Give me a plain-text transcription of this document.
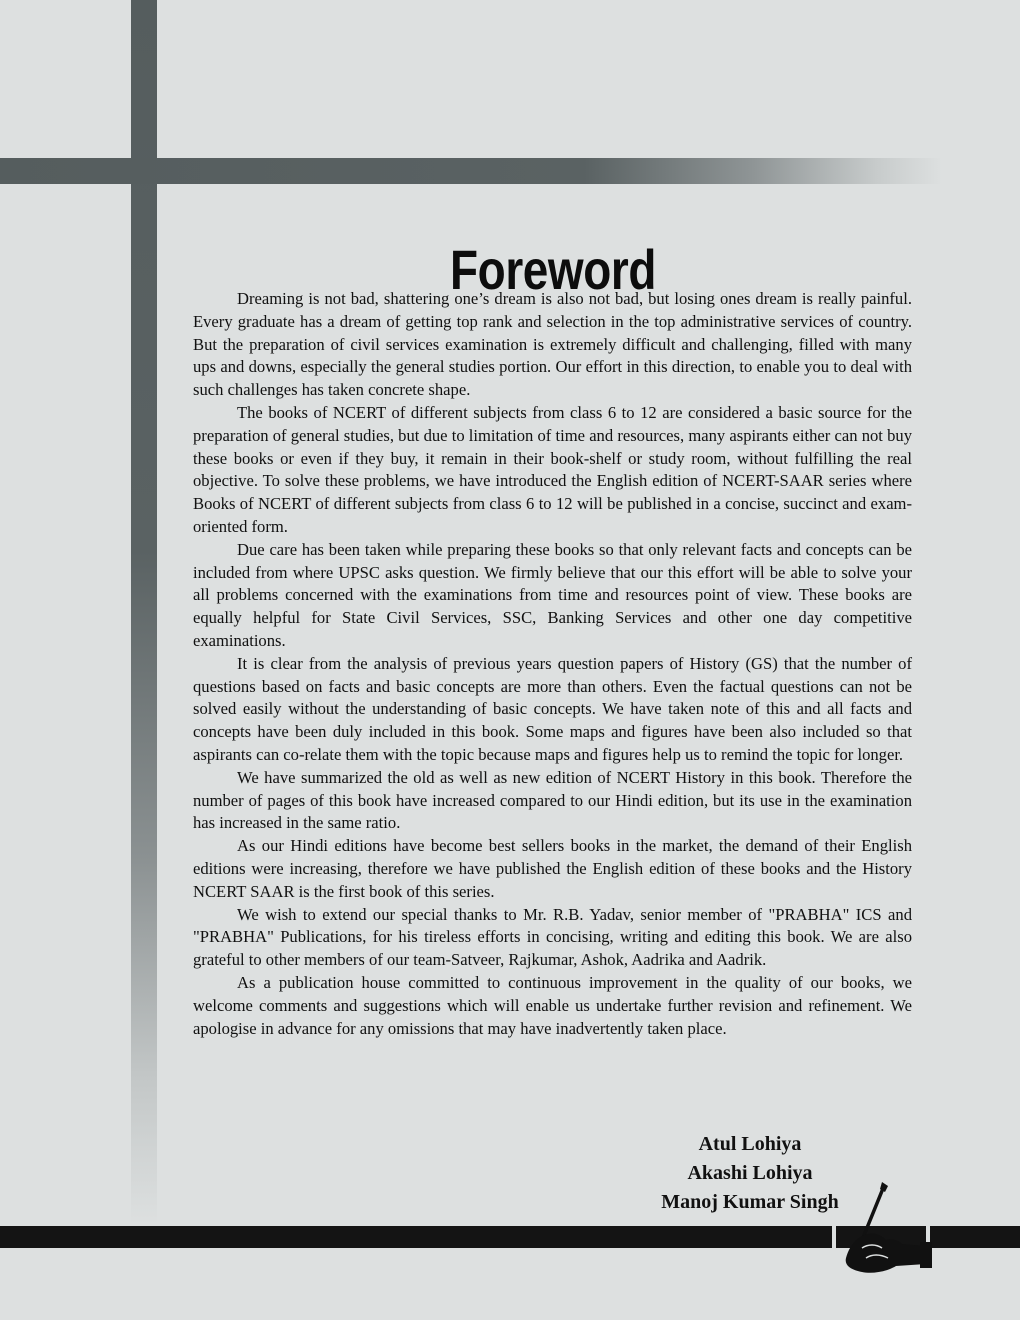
Foreword

Dreaming is not bad, shattering one’s dream is also not bad, but losing ones dream is really painful. Every graduate has a dream of getting top rank and selection in the top administrative services of country. But the preparation of civil services examination is extremely difficult and challenging, filled with many ups and downs, especially the general studies portion. Our effort in this direction, to enable you to deal with such challenges has taken concrete shape.

The books of NCERT of different subjects from class 6 to 12 are considered a basic source for the preparation of general studies, but due to limitation of time and resources, many aspirants either can not buy these books or even if they buy, it remain in their book-shelf or study room, without fulfilling the real objective. To solve these problems, we have introduced the English edition of NCERT-SAAR series where Books of NCERT of different subjects from class 6 to 12 will be published in a concise, succinct and exam-oriented form.

Due care has been taken while preparing these books so that only relevant facts and concepts can be included from where UPSC asks question. We firmly believe that our this effort will be able to solve your all problems concerned with the examinations from time and resources point of view. These books are equally helpful for State Civil Services, SSC, Banking Services and other one day competitive examinations.

It is clear from the analysis of previous years question papers of History (GS) that the number of questions based on facts and basic concepts are more than others. Even the factual questions can not be solved easily without the understanding of basic concepts. We have taken note of this and all facts and concepts have been duly included in this book. Some maps and figures have been also included so that aspirants can co-relate them with the topic because maps and figures help us to remind the topic for longer.

We have summarized the old as well as new edition of NCERT History in this book. Therefore the number of pages of this book have increased compared to our Hindi edition, but its use in the examination has increased in the same ratio.

As our Hindi editions have become best sellers books in the market, the demand of their English editions were increasing, therefore we have published the English edition of these books and the History NCERT SAAR is the first book of this series.

We wish to extend our special thanks to Mr. R.B. Yadav, senior member of "PRABHA" ICS and "PRABHA" Publications, for his tireless efforts in concising, writing and editing this book. We are also grateful to other members of our team-Satveer, Rajkumar, Ashok, Aadrika and Aadrik.

As a publication house committed to continuous improvement in the quality of our books, we welcome comments and suggestions which will enable us undertake further revision and refinement. We apologise in advance for any omissions that may have inadvertently taken place.

Atul Lohiya
Akashi Lohiya
Manoj Kumar Singh
